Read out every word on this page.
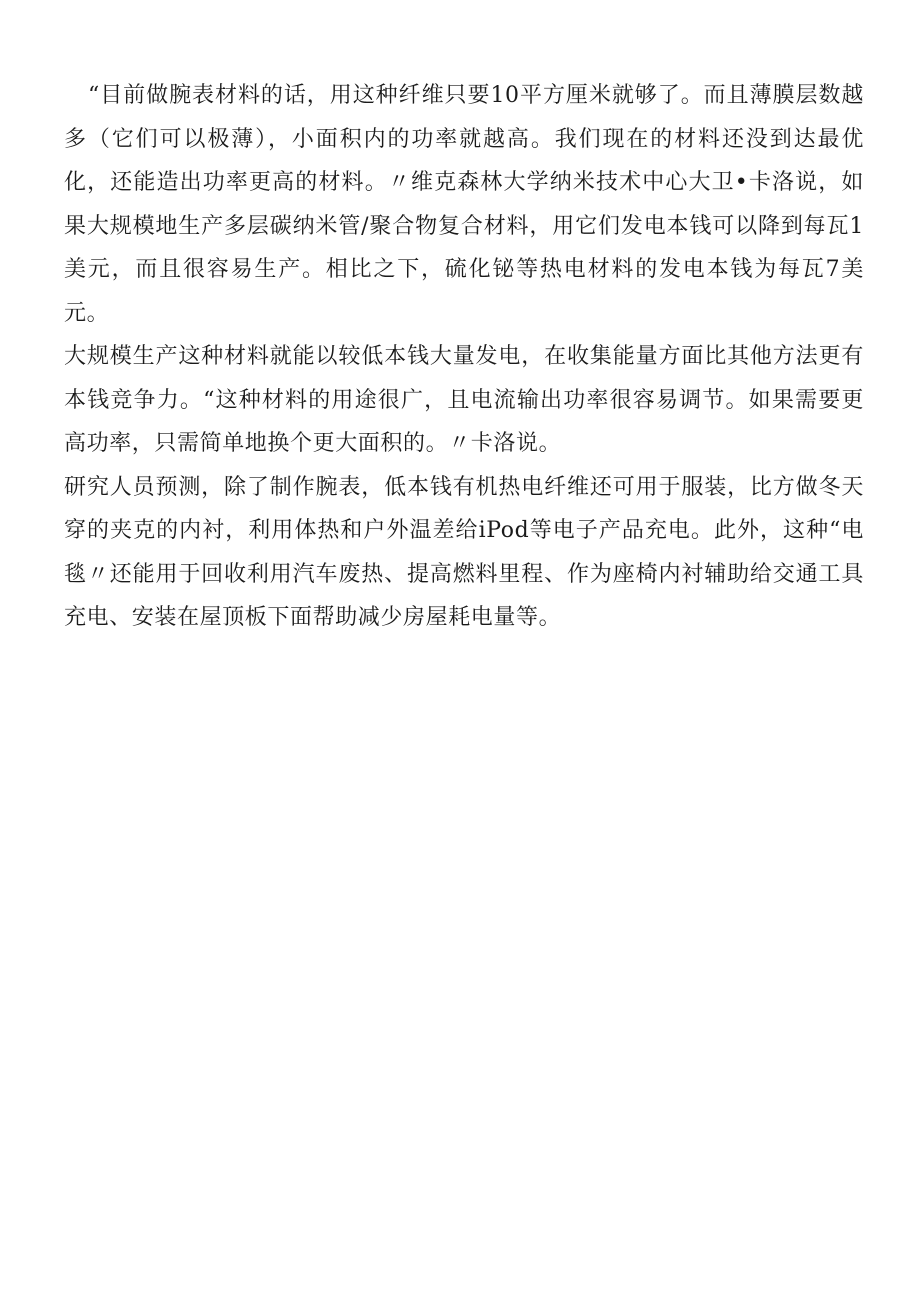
“目前做腕表材料的话，用这种纤维只要10平方厘米就够了。而且薄膜层数越多（它们可以极薄），小面积内的功率就越高。我们现在的材料还没到达最优化，还能造出功率更高的材料。〃维克森林大学纳米技术中心大卫•卡洛说，如果大规模地生产多层碳纳米管/聚合物复合材料，用它们发电本钱可以降到每瓦1美元，而且很容易生产。相比之下，硫化铋等热电材料的发电本钱为每瓦7美元。

大规模生产这种材料就能以较低本钱大量发电，在收集能量方面比其他方法更有本钱竞争力。“这种材料的用途很广，且电流输出功率很容易调节。如果需要更高功率，只需简单地换个更大面积的。〃卡洛说。

研究人员预测，除了制作腕表，低本钱有机热电纤维还可用于服装，比方做冬天穿的夹克的内衬，利用体热和户外温差给iPod等电子产品充电。此外，这种“电毯〃还能用于回收利用汽车废热、提高燃料里程、作为座椅内衬辅助给交通工具充电、安装在屋顶板下面帮助减少房屋耗电量等。
